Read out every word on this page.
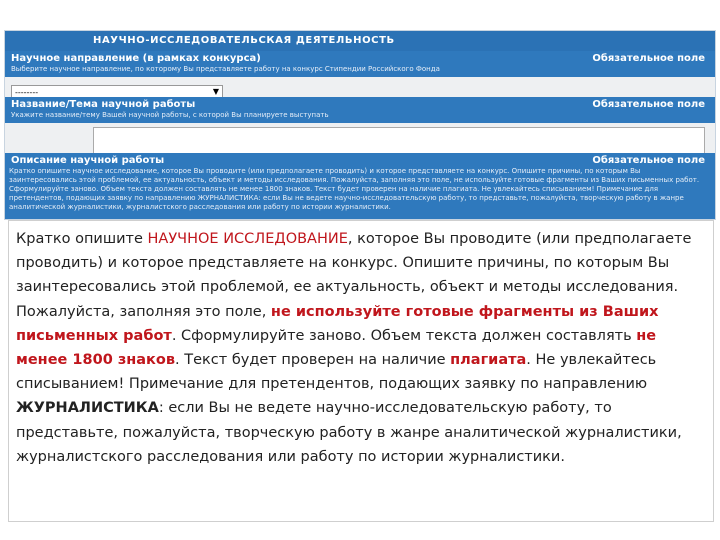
НАУЧНО-ИССЛЕДОВАТЕЛЬСКАЯ ДЕЯТЕЛЬНОСТЬ
Научное направление (в рамках конкурса)	Обязательное поле
Выберите научное направление, по которому Вы представляете работу на конкурс Стипендии Российского Фонда
--------	▼
Название/Тема научной работы	Обязательное поле
Укажите название/тему Вашей научной работы, с которой Вы планируете выступать
Описание научной работы	Обязательное поле
Кратко опишите научное исследование, которое Вы проводите (или предполагаете проводить) и которое представляете на конкурс. Опишите причины, по которым Вы
заинтересовались этой проблемой, ее актуальность, объект и методы исследования. Пожалуйста, заполняя это поле, не используйте готовые фрагменты из Ваших письменных работ.
Сформулируйте заново. Объем текста должен составлять не менее 1800 знаков. Текст будет проверен на наличие плагиата. Не увлекайтесь списыванием! Примечание для
претендентов, подающих заявку по направлению ЖУРНАЛИСТИКА: если Вы не ведете научно-исследовательскую работу, то представьте, пожалуйста, творческую работу в жанре
аналитической журналистики, журналистского расследования или работу по истории журналистики.

Кратко опишите НАУЧНОЕ ИССЛЕДОВАНИЕ, которое Вы проводите (или предполагаете проводить) и которое представляете на конкурс. Опишите причины, по которым Вы заинтересовались этой проблемой, ее актуальность, объект и методы исследования. Пожалуйста, заполняя это поле, не используйте готовые фрагменты из Ваших письменных работ. Сформулируйте заново. Объем текста должен составлять не менее 1800 знаков. Текст будет проверен на наличие плагиата. Не увлекайтесь списыванием! Примечание для претендентов, подающих заявку по направлению ЖУРНАЛИСТИКА: если Вы не ведете научно-исследовательскую работу, то представьте, пожалуйста, творческую работу в жанре аналитической журналистики, журналистского расследования или работу по истории журналистики.
